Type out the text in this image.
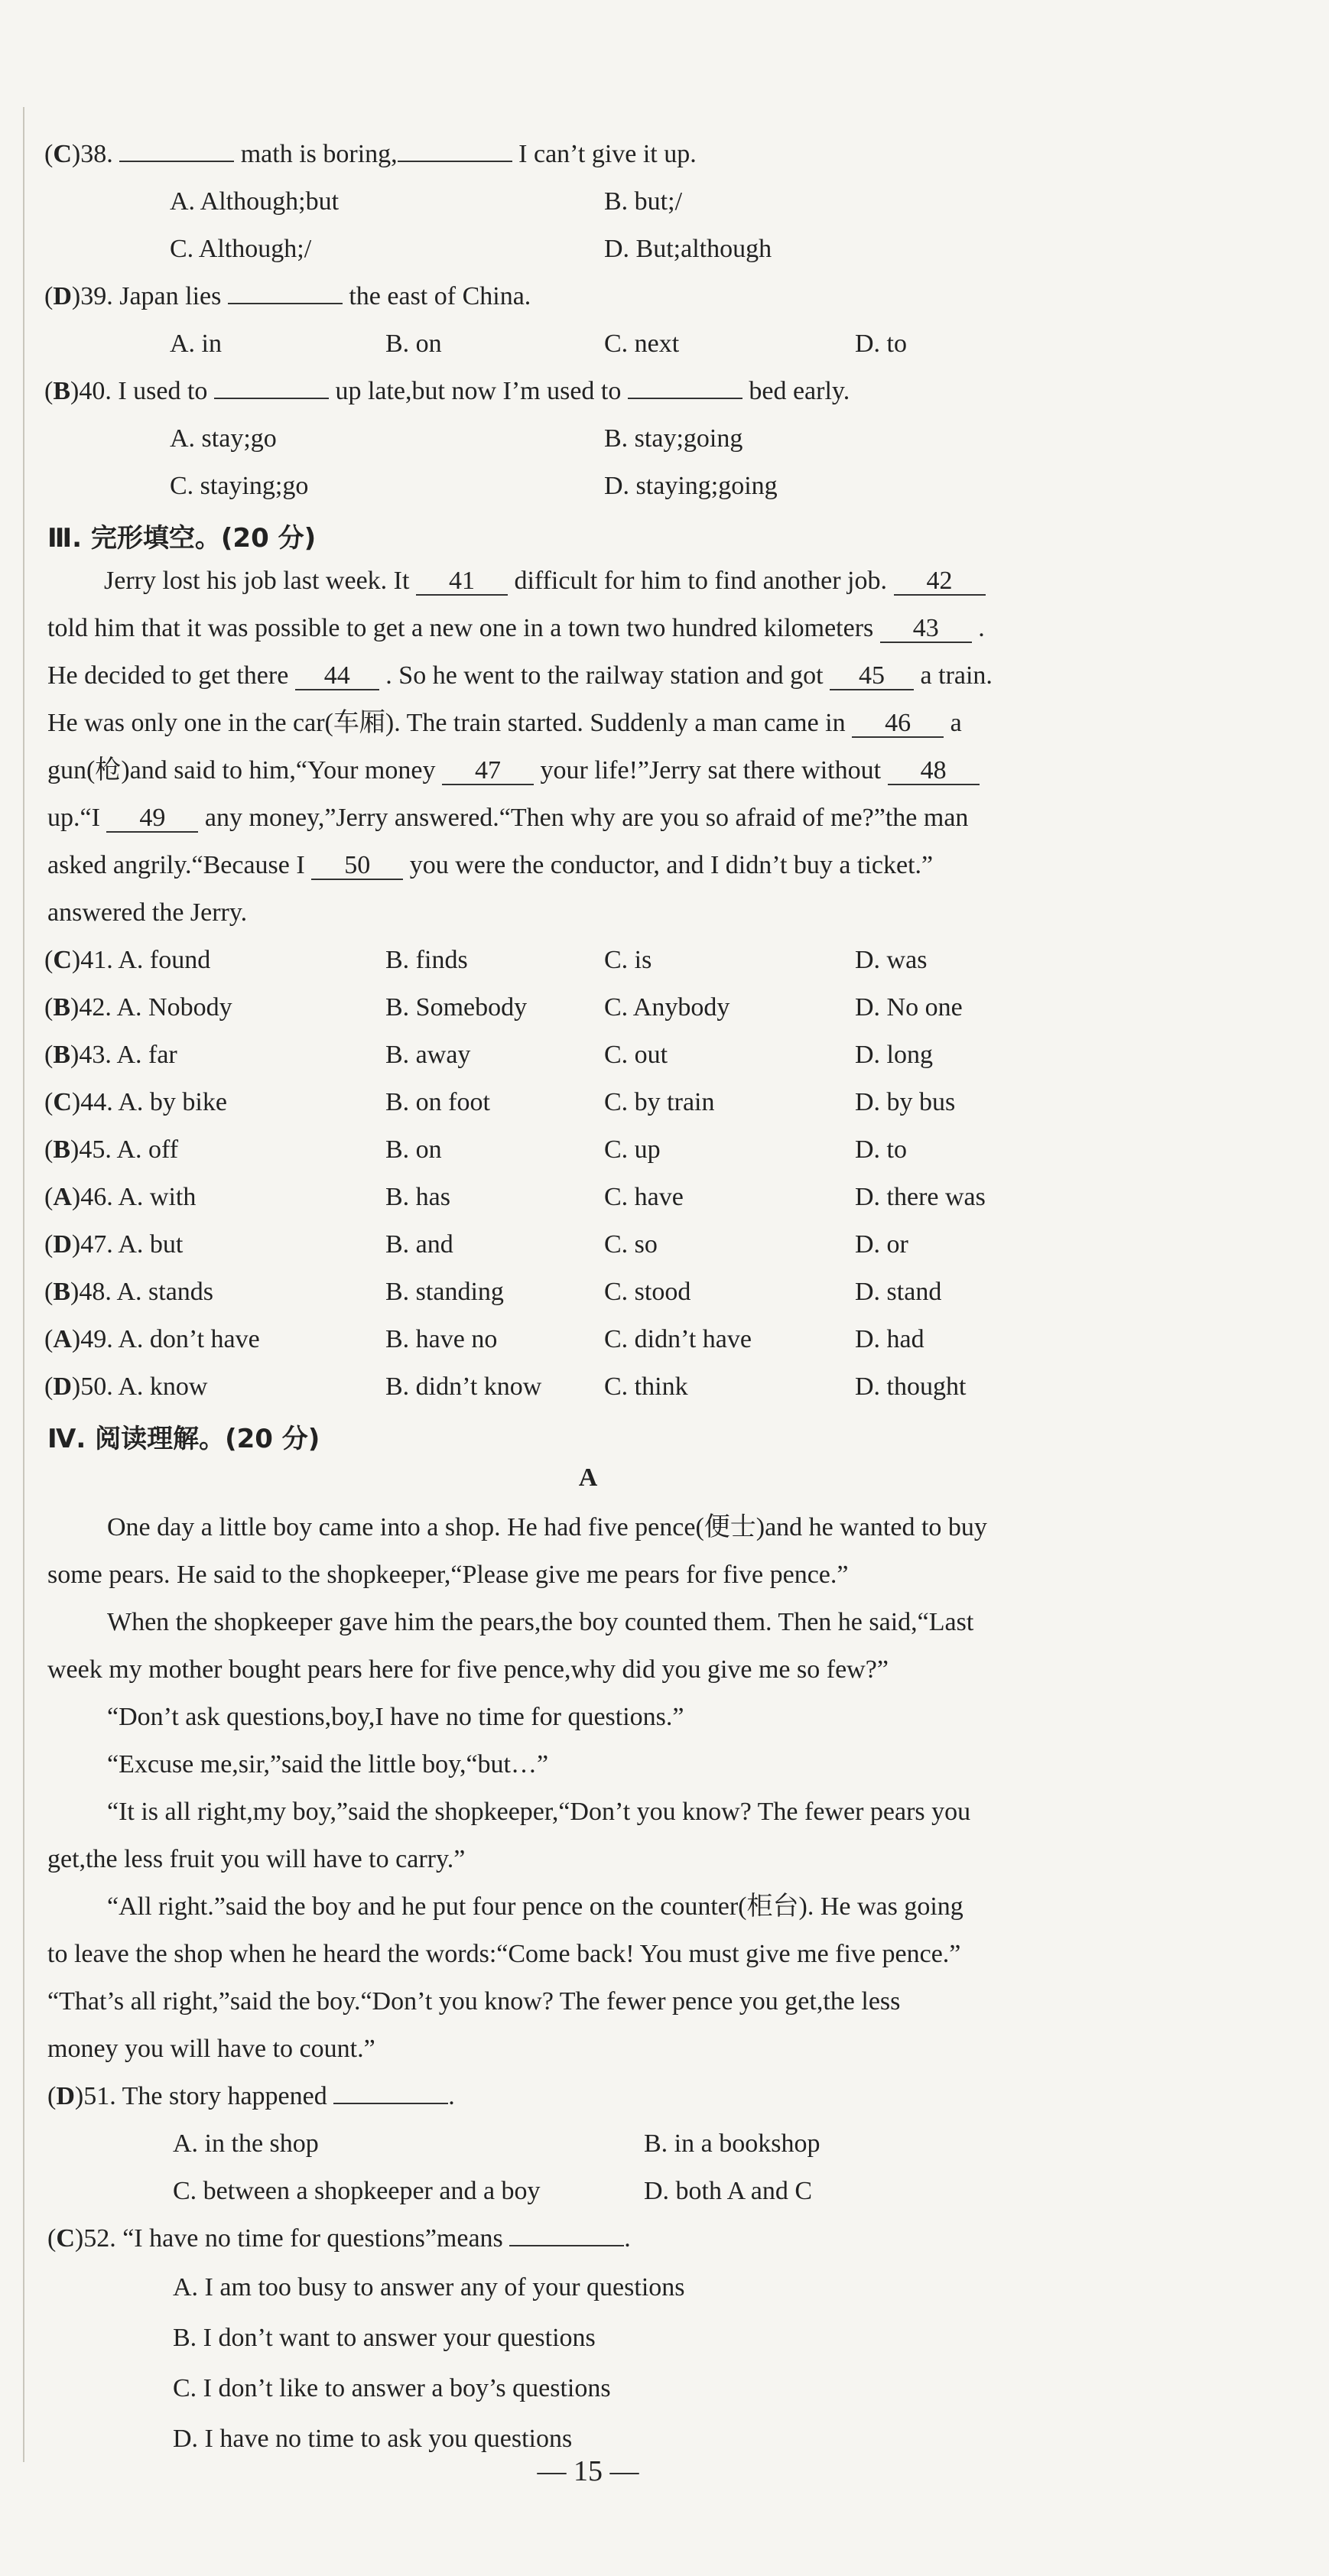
(C)38.	math is boring,	I can’t give it up.
A. Although;but	B. but;/
C. Although;/	D. But;although
(D)39. Japan lies	the east of China.
A. in	B. on	C. next	D. to
(B)40. I used to	up late,but now I’m used to	bed early.
A. stay;go	B. stay;going
C. staying;go	D. staying;going
Ⅲ. 完形填空。(20 分)
Jerry lost his job last week. It 41 difficult for him to find another job. 42
told him that it was possible to get a new one in a town two hundred kilometers 43 .
He decided to get there 44 . So he went to the railway station and got 45 a train.
He was only one in the car(车厢). The train started. Suddenly a man came in 46 a
gun(枪)and said to him,“Your money 47 your life!”Jerry sat there without 48
up.“I 49 any money,”Jerry answered.“Then why are you so afraid of me?”the man
asked angrily.“Because I 50 you were the conductor, and I didn’t buy a ticket.”
answered the Jerry.
(C)41. A. found	B. finds	C. is	D. was
(B)42. A. Nobody	B. Somebody	C. Anybody	D. No one
(B)43. A. far	B. away	C. out	D. long
(C)44. A. by bike	B. on foot	C. by train	D. by bus
(B)45. A. off	B. on	C. up	D. to
(A)46. A. with	B. has	C. have	D. there was
(D)47. A. but	B. and	C. so	D. or
(B)48. A. stands	B. standing	C. stood	D. stand
(A)49. A. don’t have	B. have no	C. didn’t have	D. had
(D)50. A. know	B. didn’t know C. think	D. thought
Ⅳ. 阅读理解。(20 分)
A
One day a little boy came into a shop. He had five pence(便士)and he wanted to buy
some pears. He said to the shopkeeper,“Please give me pears for five pence.”
When the shopkeeper gave him the pears,the boy counted them. Then he said,“Last
week my mother bought pears here for five pence,why did you give me so few?”
“Don’t ask questions,boy,I have no time for questions.”
“Excuse me,sir,”said the little boy,“but…”
“It is all right,my boy,”said the shopkeeper,“Don’t you know? The fewer pears you
get,the less fruit you will have to carry.”
“All right.”said the boy and he put four pence on the counter(柜台). He was going
to leave the shop when he heard the words:“Come back! You must give me five pence.”
“That’s all right,”said the boy.“Don’t you know? The fewer pence you get,the less
money you will have to count.”
(D)51. The story happened	.
A. in the shop	B. in a bookshop
C. between a shopkeeper and a boy	D. both A and C
(C)52. “I have no time for questions”means	.
A. I am too busy to answer any of your questions
B. I don’t want to answer your questions
C. I don’t like to answer a boy’s questions
D. I have no time to ask you questions
— 15 —
